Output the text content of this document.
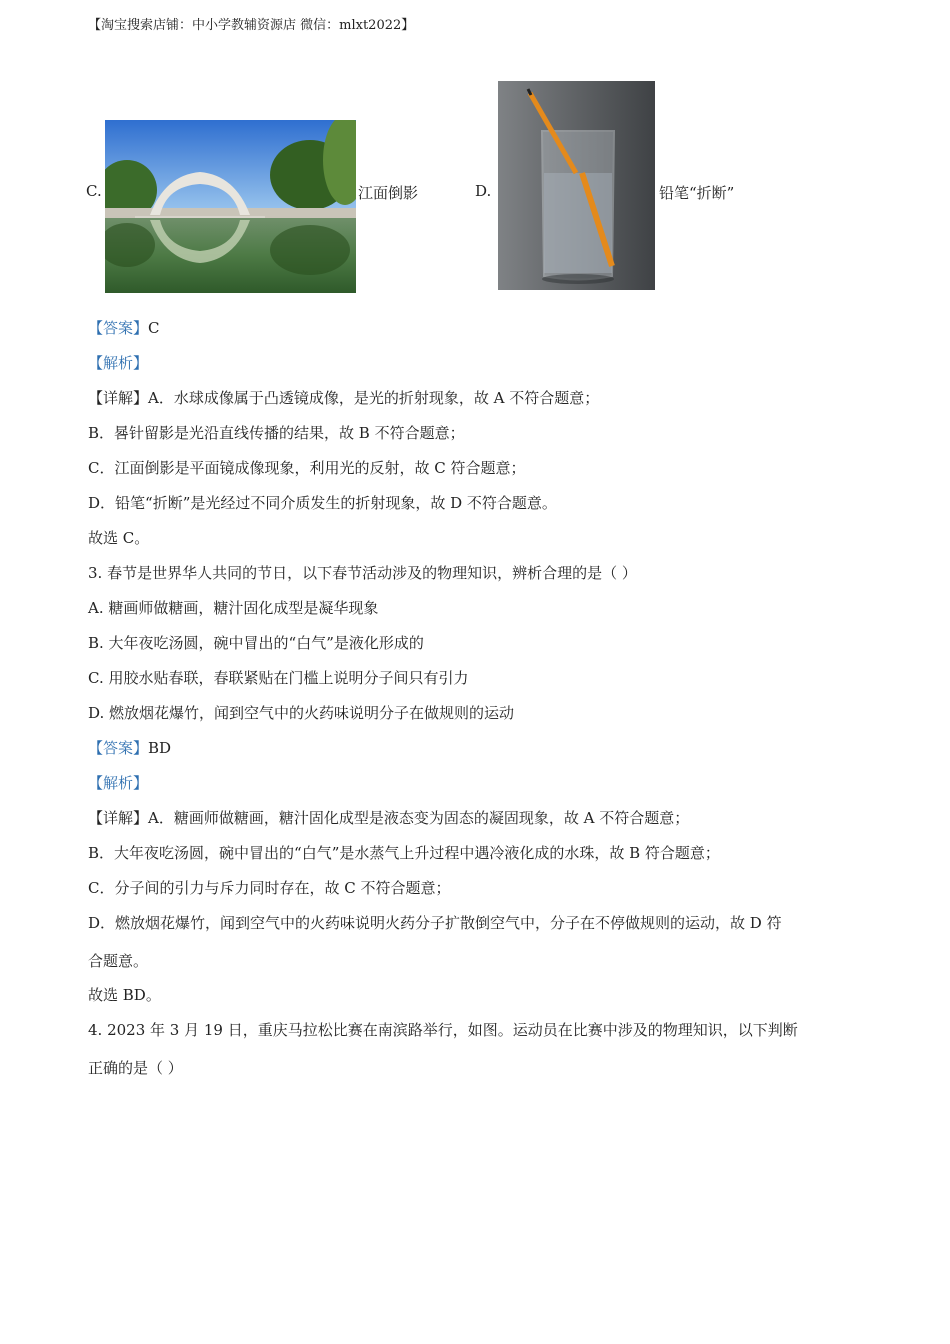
【淘宝搜索店铺：中小学教辅资源店 微信：mlxt2022】
C.	江面倒影	D.	铅笔“折断”
【答案】C
【解析】
【详解】A．水球成像属于凸透镜成像，是光的折射现象，故 A 不符合题意；
B．晷针留影是光沿直线传播的结果，故 B 不符合题意；
C．江面倒影是平面镜成像现象，利用光的反射，故 C 符合题意；
D．铅笔“折断”是光经过不同介质发生的折射现象，故 D 不符合题意。
故选 C。
3. 春节是世界华人共同的节日，以下春节活动涉及的物理知识，辨析合理的是（ ）
A. 糖画师做糖画，糖汁固化成型是凝华现象
B. 大年夜吃汤圆，碗中冒出的“白气”是液化形成的
C. 用胶水贴春联，春联紧贴在门槛上说明分子间只有引力
D. 燃放烟花爆竹，闻到空气中的火药味说明分子在做规则的运动
【答案】BD
【解析】
【详解】A．糖画师做糖画，糖汁固化成型是液态变为固态的凝固现象，故 A 不符合题意；
B．大年夜吃汤圆，碗中冒出的“白气”是水蒸气上升过程中遇冷液化成的水珠，故 B 符合题意；
C．分子间的引力与斥力同时存在，故 C 不符合题意；
D．燃放烟花爆竹，闻到空气中的火药味说明火药分子扩散倒空气中，分子在不停做规则的运动，故 D 符
合题意。
故选 BD。
4. 2023 年 3 月 19 日，重庆马拉松比赛在南滨路举行，如图。运动员在比赛中涉及的物理知识，以下判断
正确的是（ ）
